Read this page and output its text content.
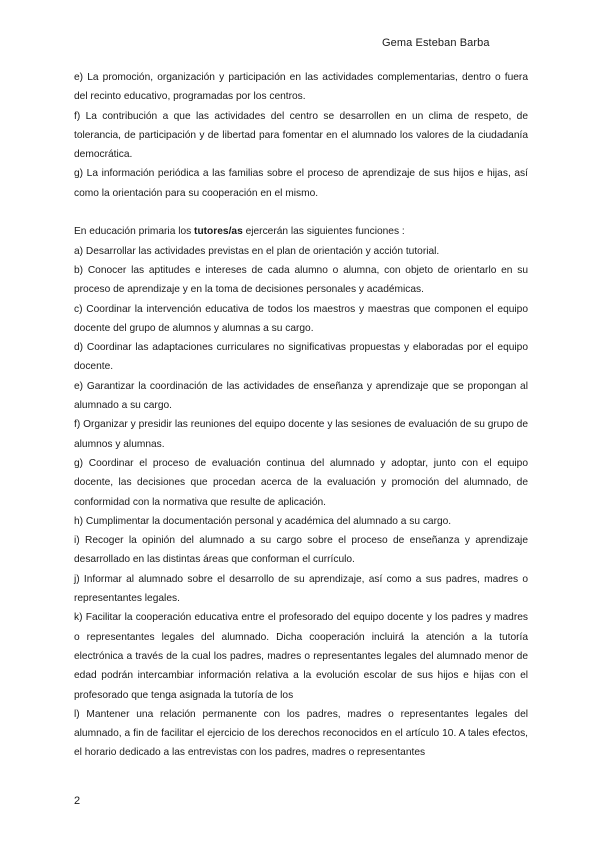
Gema Esteban Barba

e) La promoción, organización y participación en las actividades complementarias, dentro o fuera del recinto educativo, programadas por los centros.

f) La contribución a que las actividades del centro se desarrollen en un clima de respeto, de tolerancia, de participación y de libertad para fomentar en el alumnado los valores de la ciudadanía democrática.

g) La información periódica a las familias sobre el proceso de aprendizaje de sus hijos e hijas, así como la orientación para su cooperación en el mismo.

En educación primaria los tutores/as ejercerán las siguientes funciones :

a) Desarrollar las actividades previstas en el plan de orientación y acción tutorial.

b) Conocer las aptitudes e intereses de cada alumno o alumna, con objeto de orientarlo en su proceso de aprendizaje y en la toma de decisiones personales y académicas.

c) Coordinar la intervención educativa de todos los maestros y maestras que componen el equipo docente del grupo de alumnos y alumnas a su cargo.

d) Coordinar las adaptaciones curriculares no significativas propuestas y elaboradas por el equipo docente.

e) Garantizar la coordinación de las actividades de enseñanza y aprendizaje que se propongan al alumnado a su cargo.

f) Organizar y presidir las reuniones del equipo docente y las sesiones de evaluación de su grupo de alumnos y alumnas.

g) Coordinar el proceso de evaluación continua del alumnado y adoptar, junto con el equipo docente, las decisiones que procedan acerca de la evaluación y promoción del alumnado, de conformidad con la normativa que resulte de aplicación.

h) Cumplimentar la documentación personal y académica del alumnado a su cargo.

i) Recoger la opinión del alumnado a su cargo sobre el proceso de enseñanza y aprendizaje desarrollado en las distintas áreas que conforman el currículo.

j) Informar al alumnado sobre el desarrollo de su aprendizaje, así como a sus padres, madres o representantes legales.

k) Facilitar la cooperación educativa entre el profesorado del equipo docente y los padres y madres o representantes legales del alumnado. Dicha cooperación incluirá la atención a la tutoría electrónica a través de la cual los padres, madres o representantes legales del alumnado menor de edad podrán intercambiar información relativa a la evolución escolar de sus hijos e hijas con el profesorado que tenga asignada la tutoría de los

l) Mantener una relación permanente con los padres, madres o representantes legales del alumnado, a fin de facilitar el ejercicio de los derechos reconocidos en el artículo 10. A tales efectos, el horario dedicado a las entrevistas con los padres, madres o representantes

2
